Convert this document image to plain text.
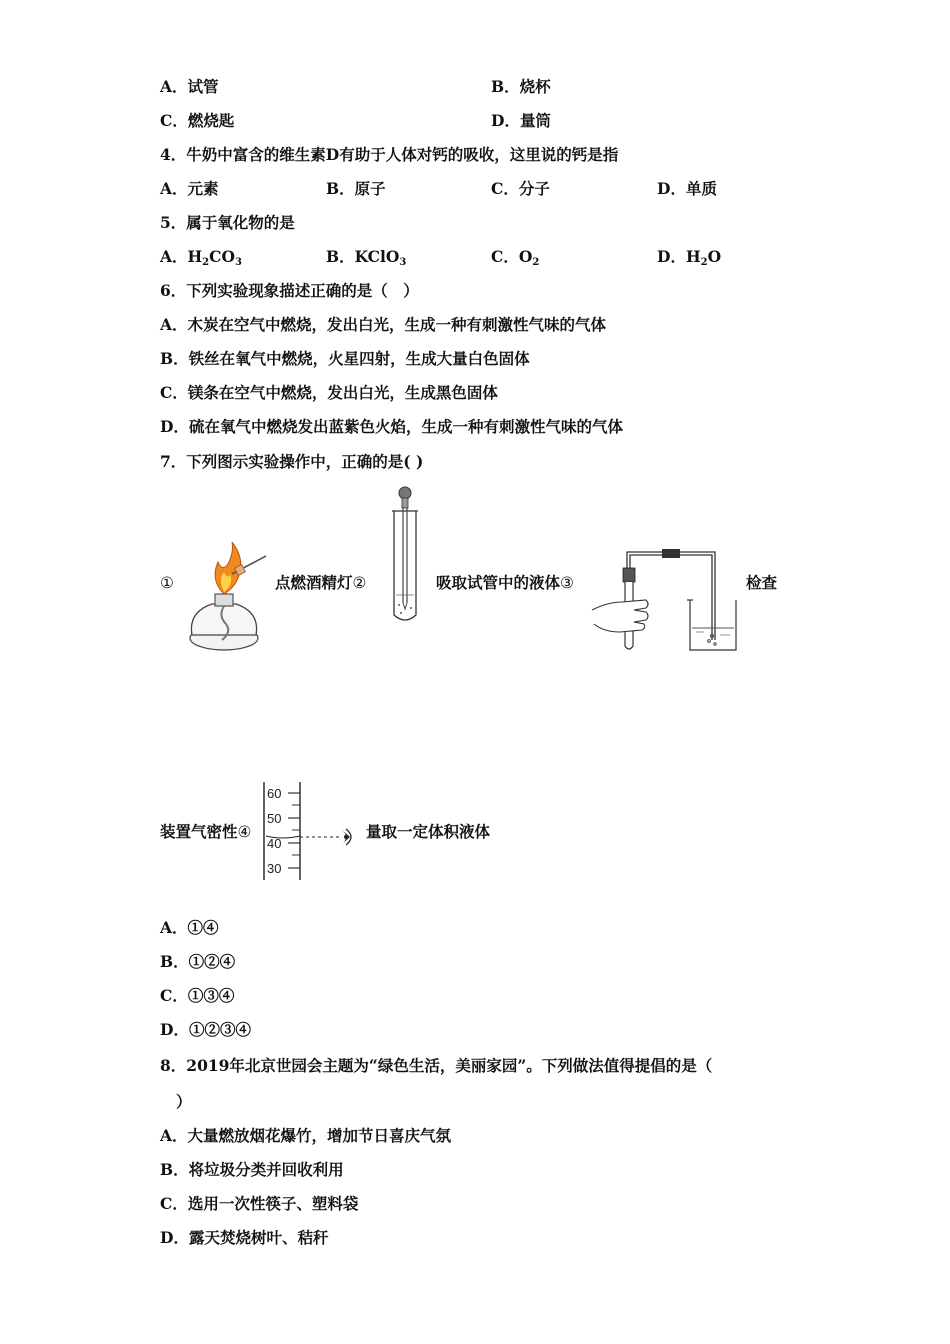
A．试管	B．烧杯
C．燃烧匙	D．量筒
4．牛奶中富含的维生素D有助于人体对钙的吸收，这里说的钙是指
A．元素	B．原子	C．分子	D．单质
5．属于氧化物的是
A．$H_2CO_3$	B．KClO$_3$	C．$O_2$	D．$H_2O$
6．下列实验现象描述正确的是（　）
A．木炭在空气中燃烧，发出白光，生成一种有刺激性气味的气体
B．铁丝在氧气中燃烧，火星四射，生成大量白色固体
C．镁条在空气中燃烧，发出白光，生成黑色固体
D．硫在氧气中燃烧发出蓝紫色火焰，生成一种有刺激性气味的气体
7．下列图示实验操作中，正确的是( )
①	点燃酒精灯②	吸取试管中的液体③	检查
装置气密性④
60
50
40
30
量取一定体积液体
A．①④
B．①②④
C．①③④
D．①②③④
8．2019年北京世园会主题为“绿色生活，美丽家园”。下列做法值得提倡的是（
）
A．大量燃放烟花爆竹，增加节日喜庆气氛
B．将垃圾分类并回收利用
C．选用一次性筷子、塑料袋
D．露天焚烧树叶、秸秆
